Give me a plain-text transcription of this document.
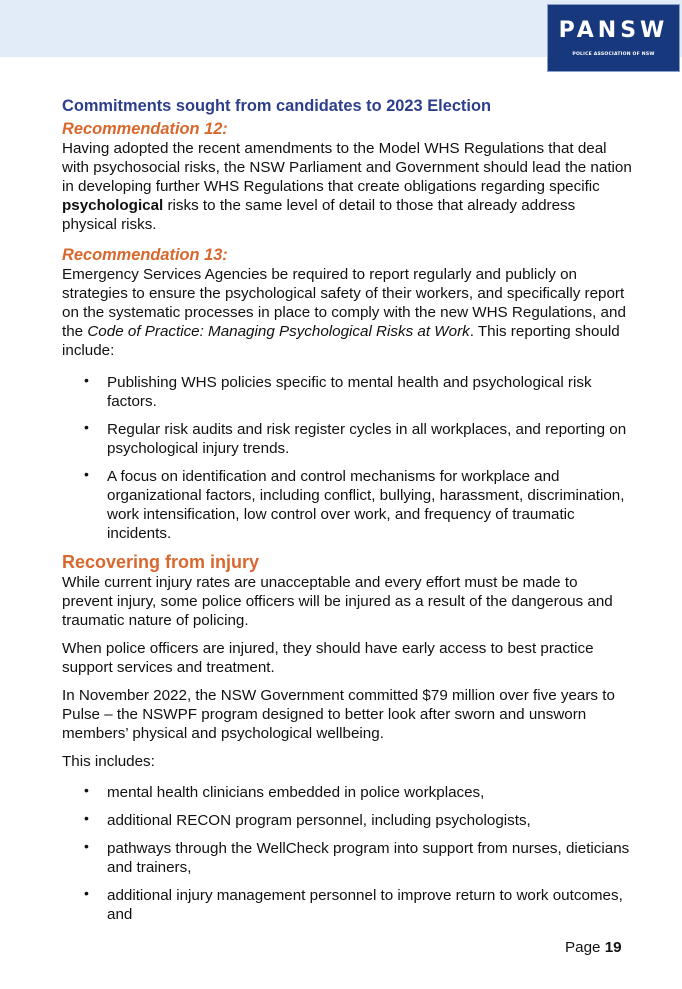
PANSW
POLICE ASSOCIATION OF NSW
Commitments sought from candidates to 2023 Election
Recommendation 12:

Having adopted the recent amendments to the Model WHS Regulations that deal with psychosocial risks, the NSW Parliament and Government should lead the nation in developing further WHS Regulations that create obligations regarding specific psychological risks to the same level of detail to those that already address physical risks.

Recommendation 13:

Emergency Services Agencies be required to report regularly and publicly on strategies to ensure the psychological safety of their workers, and specifically report on the systematic processes in place to comply with the new WHS Regulations, and the Code of Practice: Managing Psychological Risks at Work. This reporting should include:

• Publishing WHS policies specific to mental health and psychological risk factors.
• Regular risk audits and risk register cycles in all workplaces, and reporting on psychological injury trends.
• A focus on identification and control mechanisms for workplace and organizational factors, including conflict, bullying, harassment, discrimination, work intensification, low control over work, and frequency of traumatic incidents.
Recovering from injury

While current injury rates are unacceptable and every effort must be made to prevent injury, some police officers will be injured as a result of the dangerous and traumatic nature of policing.

When police officers are injured, they should have early access to best practice support services and treatment.

In November 2022, the NSW Government committed $79 million over five years to Pulse – the NSWPF program designed to better look after sworn and unsworn members’ physical and psychological wellbeing.

This includes:

• mental health clinicians embedded in police workplaces,
• additional RECON program personnel, including psychologists,
• pathways through the WellCheck program into support from nurses, dieticians and trainers,
• additional injury management personnel to improve return to work outcomes, and
Page 19
